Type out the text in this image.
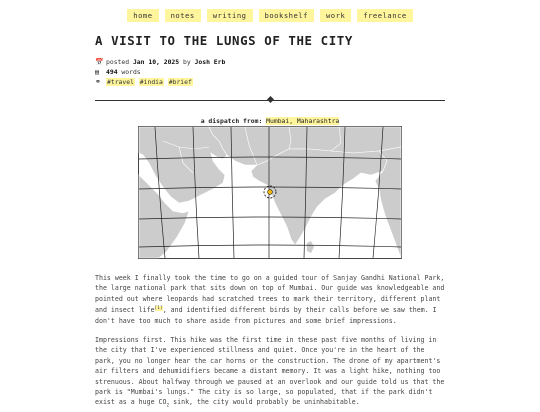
home	notes	writing	bookshelf	work	freelance
A VISIT TO THE LUNGS OF THE CITY
📅 posted
Jan 10, 2025
by
Josh Erb
▤	494
words
⚭ #travel
#india
#brief
a dispatch from: Mumbai, Maharashtra

This week I finally took the time to go on a guided tour of Sanjay Gandhi National Park, the large national park that sits down on top of Mumbai. Our guide was knowledgeable and pointed out where leopards had scratched trees to mark their territory, different plant and insect life[1], and identified different birds by their calls before we saw them. I don't have too much to share aside from pictures and some brief impressions.

Impressions first. This hike was the first time in these past five months of living in the city that I've experienced stillness and quiet. Once you're in the heart of the park, you no longer hear the car horns or the construction. The drone of my apartment's air filters and dehumidifiers became a distant memory. It was a light hike, nothing too strenuous. About halfway through we paused at an overlook and our guide told us that the park is "Mumbai's lungs." The city is so large, so populated, that if the park didn't exist as a huge $CO_2$ sink, the city would probably be uninhabitable.
